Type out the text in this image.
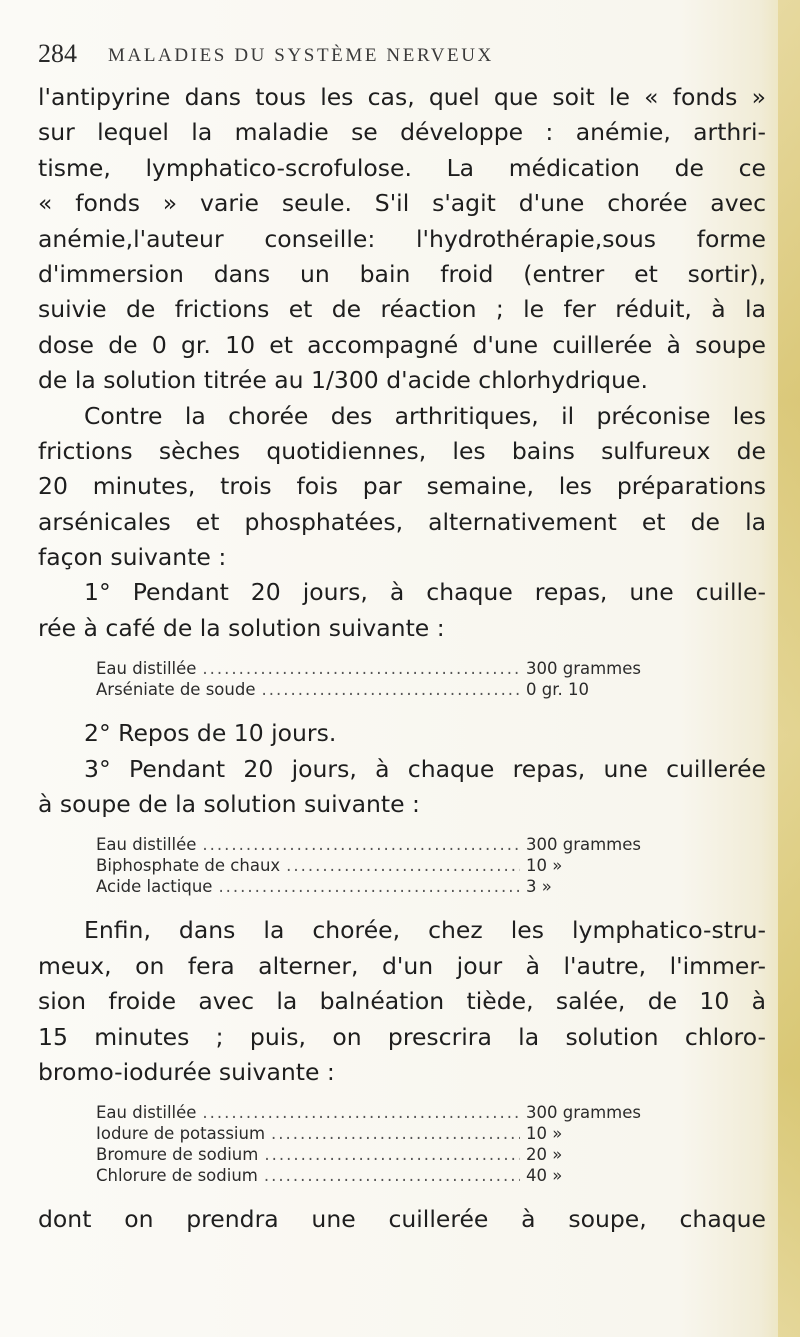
284 MALADIES DU SYSTÈME NERVEUX
l'antipyrine dans tous les cas, quel que soit le « fonds »
sur lequel la maladie se développe : anémie, arthri-
tisme, lymphatico-scrofulose. La médication de ce
« fonds » varie seule. S'il s'agit d'une chorée avec
anémie,l'auteur conseille: l'hydrothérapie,sous forme
d'immersion dans un bain froid (entrer et sortir),
suivie de frictions et de réaction ; le fer réduit, à la
dose de 0 gr. 10 et accompagné d'une cuillerée à soupe
de la solution titrée au 1/300 d'acide chlorhydrique.
Contre la chorée des arthritiques, il préconise les
frictions sèches quotidiennes, les bains sulfureux de
20 minutes, trois fois par semaine, les préparations
arsénicales et phosphatées, alternativement et de la
façon suivante :
1° Pendant 20 jours, à chaque repas, une cuille-
rée à café de la solution suivante :
Eau distillée .....	300 grammes
Arséniate de soude .....	0 gr. 10
2° Repos de 10 jours.
3° Pendant 20 jours, à chaque repas, une cuillerée
à soupe de la solution suivante :
Eau distillée .....	300 grammes
Biphosphate de chaux .....	10 »
Acide lactique .....	3 »
Enfin, dans la chorée, chez les lymphatico-stru-
meux, on fera alterner, d'un jour à l'autre, l'immer-
sion froide avec la balnéation tiède, salée, de 10 à
15 minutes ; puis, on prescrira la solution chloro-
bromo-iodurée suivante :
Eau distillée .....	300 grammes
Iodure de potassium .....	10 »
Bromure de sodium .....	20 »
Chlorure de sodium .....	40 »
dont on prendra une cuillerée à soupe, chaque
